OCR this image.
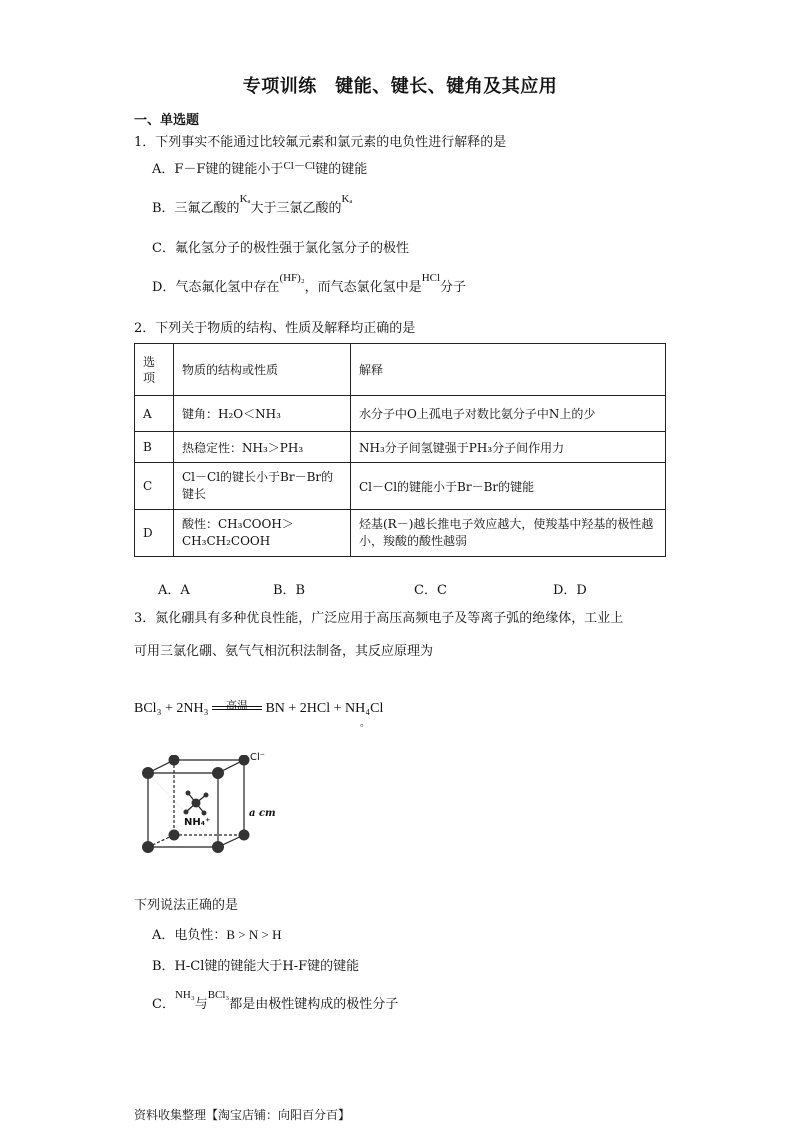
专项训练　键能、键长、键角及其应用
一、单选题
1．下列事实不能通过比较氟元素和氯元素的电负性进行解释的是
A．F－F键的键能小于$^{Cl-Cl}$键的键能
B．三氟乙酸的$^{K_a}$大于三氯乙酸的$^{K_a}$
C．氟化氢分子的极性强于氯化氢分子的极性
D．气态氟化氢中存在$^{(HF)_2}$，而气态氯化氢中是$^{HCl}$分子
2．下列关于物质的结构、性质及解释均正确的是
选项	物质的结构或性质	解释
A	键角：H₂O＜NH₃	水分子中O上孤电子对数比氨分子中N上的少
B	热稳定性：NH₃＞PH₃	NH₃分子间氢键强于PH₃分子间作用力
C	Cl－Cl的键长小于Br－Br的键长	Cl－Cl的键能小于Br－Br的键能
D	酸性：CH₃COOH＞CH₃CH₂COOH	烃基(R－)越长推电子效应越大，使羧基中羟基的极性越小，羧酸的酸性越弱
A．A	B．B	C．C	D．D
3．氮化硼具有多种优良性能，广泛应用于高压高频电子及等离子弧的绝缘体，工业上
可用三氯化硼、氨气气相沉积法制备，其反应原理为
BCl₃ + 2NH₃	高温	BN + 2HCl + NH₄Cl
。
Cl⁻
NH₄⁺
a cm
下列说法正确的是
A．电负性：B > N > H
B．H-Cl键的键能大于H-F键的键能
C．$^{NH_3}$与$^{BCl_3}$都是由极性键构成的极性分子
资料收集整理【淘宝店铺：向阳百分百】
